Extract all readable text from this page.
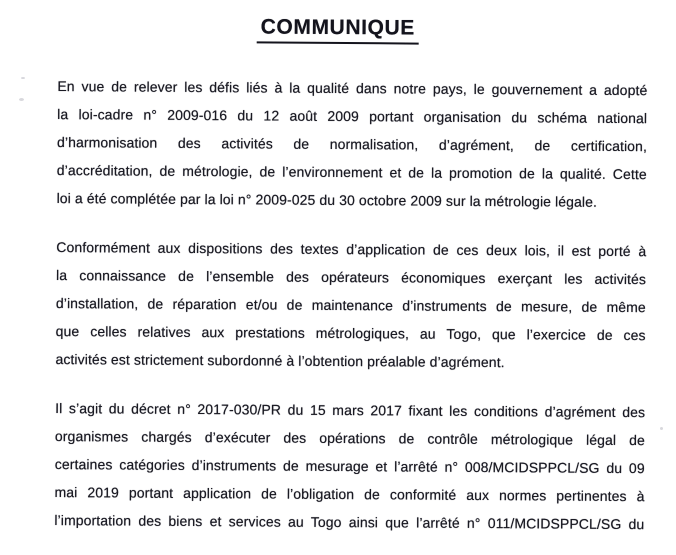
COMMUNIQUE
En vue de relever les défis liés à la qualité dans notre pays, le gouvernement a adopté
la loi-cadre n° 2009-016 du 12 août 2009 portant organisation du schéma national
d’harmonisation des activités de normalisation, d’agrément, de certification,
d’accréditation, de métrologie, de l’environnement et de la promotion de la qualité. Cette
loi a été complétée par la loi n° 2009-025 du 30 octobre 2009 sur la métrologie légale.
Conformément aux dispositions des textes d’application de ces deux lois, il est porté à
la connaissance de l’ensemble des opérateurs économiques exerçant les activités
d’installation, de réparation et/ou de maintenance d’instruments de mesure, de même
que celles relatives aux prestations métrologiques, au Togo, que l’exercice de ces
activités est strictement subordonné à l’obtention préalable d’agrément.
Il s’agit du décret n° 2017-030/PR du 15 mars 2017 fixant les conditions d’agrément des
organismes chargés d’exécuter des opérations de contrôle métrologique légal de
certaines catégories d’instruments de mesurage et l’arrêté n° 008/MCIDSPPCL/SG du 09
mai 2019 portant application de l’obligation de conformité aux normes pertinentes à
l’importation des biens et services au Togo ainsi que l’arrêté n° 011/MCIDSPPCL/SG du
